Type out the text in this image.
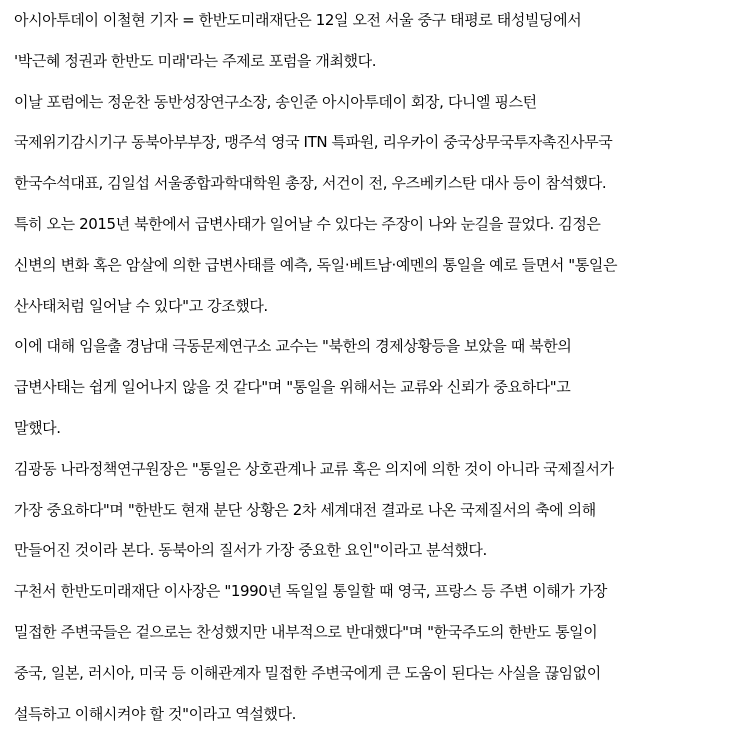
아시아투데이 이철현 기자 = 한반도미래재단은 12일 오전 서울 중구 태평로 태성빌딩에서
'박근혜 정권과 한반도 미래'라는 주제로 포럼을 개최했다.
이날 포럼에는 정운찬 동반성장연구소장, 송인준 아시아투데이 회장, 다니엘 핑스턴
국제위기감시기구 동북아부부장, 맹주석 영국 ITN 특파원, 리우카이 중국상무국투자촉진사무국
한국수석대표, 김일섭 서울종합과학대학원 총장, 서건이 전, 우즈베키스탄 대사 등이 참석했다.
특히 오는 2015년 북한에서 급변사태가 일어날 수 있다는 주장이 나와 눈길을 끌었다. 김정은
신변의 변화 혹은 암살에 의한 급변사태를 예측, 독일·베트남·예멘의 통일을 예로 들면서 "통일은
산사태처럼 일어날 수 있다"고 강조했다.
이에 대해 임을출 경남대 극동문제연구소 교수는 "북한의 경제상황등을 보았을 때 북한의
급변사태는 쉽게 일어나지 않을 것 같다"며 "통일을 위해서는 교류와 신뢰가 중요하다"고
말했다.
김광동 나라정책연구원장은 "통일은 상호관계나 교류 혹은 의지에 의한 것이 아니라 국제질서가
가장 중요하다"며 "한반도 현재 분단 상황은 2차 세계대전 결과로 나온 국제질서의 축에 의해
만들어진 것이라 본다. 동북아의 질서가 가장 중요한 요인"이라고 분석했다.
구천서 한반도미래재단 이사장은 "1990년 독일일 통일할 때 영국, 프랑스 등 주변 이해가 가장
밀접한 주변국들은 겉으로는 찬성했지만 내부적으로 반대했다"며 "한국주도의 한반도 통일이
중국, 일본, 러시아, 미국 등 이해관계자 밀접한 주변국에게 큰 도움이 된다는 사실을 끊임없이
설득하고 이해시켜야 할 것"이라고 역설했다.
